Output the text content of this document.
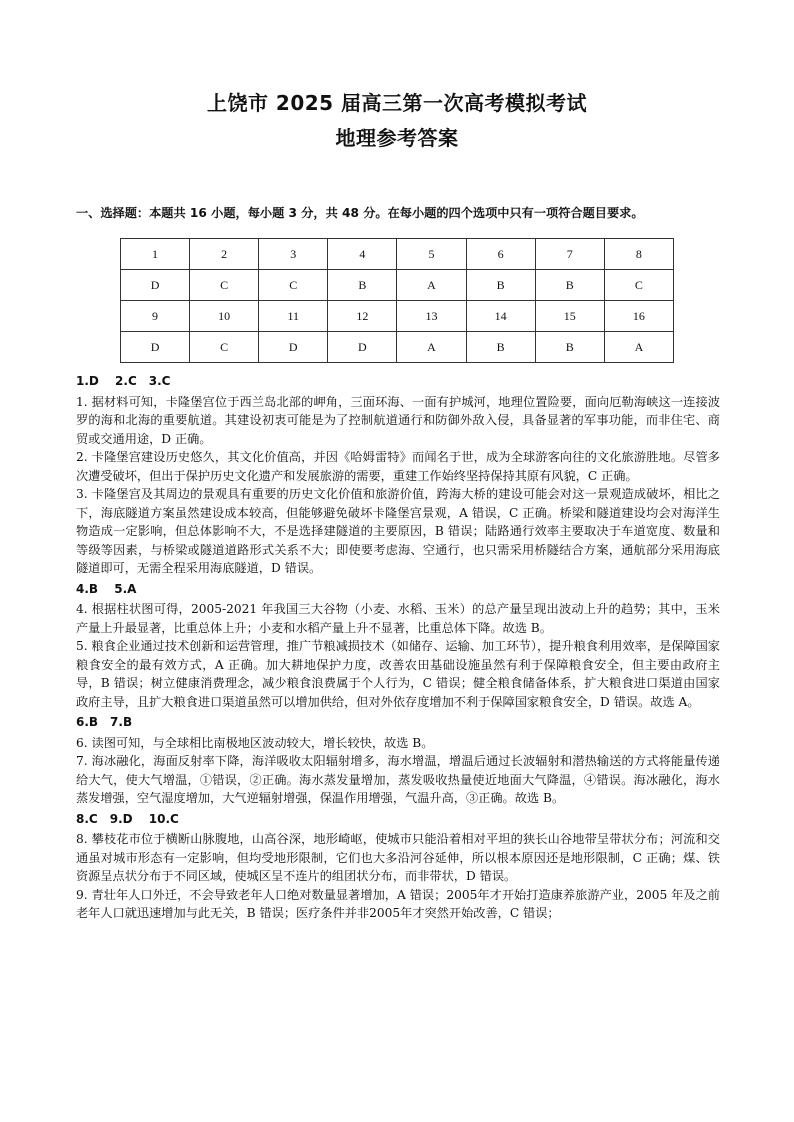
上饶市 2025 届高三第一次高考模拟考试
地理参考答案
一、选择题：本题共 16 小题，每小题 3 分，共 48 分。在每小题的四个选项中只有一项符合题目要求。
1	2	3	4	5	6	7	8
D	C	C	B	A	B	B	C
9	10	11	12	13	14	15	16
D	C	D	D	A	B	B	A

1.D　 2.C　3.C

1. 据材料可知，卡隆堡宫位于西兰岛北部的岬角，三面环海、一面有护城河，地理位置险要，面向厄勒海峡这一连接波罗的海和北海的重要航道。其建设初衷可能是为了控制航道通行和防御外敌入侵，具备显著的军事功能，而非住宅、商贸或交通用途，D 正确。

2. 卡隆堡宫建设历史悠久，其文化价值高，并因《哈姆雷特》而闻名于世，成为全球游客向往的文化旅游胜地。尽管多次遭受破坏，但出于保护历史文化遗产和发展旅游的需要，重建工作始终坚持保持其原有风貌，C 正确。

3. 卡隆堡宫及其周边的景观具有重要的历史文化价值和旅游价值，跨海大桥的建设可能会对这一景观造成破坏，相比之下，海底隧道方案虽然建设成本较高，但能够避免破坏卡隆堡宫景观，A 错误，C 正确。桥梁和隧道建设均会对海洋生物造成一定影响，但总体影响不大，不是选择建隧道的主要原因，B 错误；陆路通行效率主要取决于车道宽度、数量和等级等因素，与桥梁或隧道道路形式关系不大；即使要考虑海、空通行，也只需采用桥隧结合方案，通航部分采用海底隧道即可，无需全程采用海底隧道，D 错误。

4.B　 5.A

4. 根据柱状图可得，2005-2021 年我国三大谷物（小麦、水稻、玉米）的总产量呈现出波动上升的趋势；其中，玉米产量上升最显著，比重总体上升；小麦和水稻产量上升不显著，比重总体下降。故选 B。

5. 粮食企业通过技术创新和运营管理，推广节粮减损技术（如储存、运输、加工环节），提升粮食利用效率，是保障国家粮食安全的最有效方式，A 正确。加大耕地保护力度，改善农田基础设施虽然有利于保障粮食安全，但主要由政府主导，B 错误；树立健康消费理念，减少粮食浪费属于个人行为，C 错误；健全粮食储备体系，扩大粮食进口渠道由国家政府主导，且扩大粮食进口渠道虽然可以增加供给，但对外依存度增加不利于保障国家粮食安全，D 错误。故选 A。

6.B　7.B

6. 读图可知，与全球相比南极地区波动较大，增长较快，故选 B。

7. 海冰融化，海面反射率下降，海洋吸收太阳辐射增多，海水增温，增温后通过长波辐射和潜热输送的方式将能量传递给大气，使大气增温，①错误，②正确。海水蒸发量增加，蒸发吸收热量使近地面大气降温，④错误。海冰融化，海水蒸发增强，空气湿度增加，大气逆辐射增强，保温作用增强，气温升高，③正确。故选 B。

8.C　9.D　 10.C

8. 攀枝花市位于横断山脉腹地，山高谷深，地形崎岖，使城市只能沿着相对平坦的狭长山谷地带呈带状分布；河流和交通虽对城市形态有一定影响，但均受地形限制，它们也大多沿河谷延伸，所以根本原因还是地形限制，C 正确；煤、铁资源呈点状分布于不同区域，使城区呈不连片的组团状分布，而非带状，D 错误。

9. 青壮年人口外迁，不会导致老年人口绝对数量显著增加，A 错误；2005年才开始打造康养旅游产业，2005 年及之前老年人口就迅速增加与此无关，B 错误；医疗条件并非2005年才突然开始改善，C 错误；
